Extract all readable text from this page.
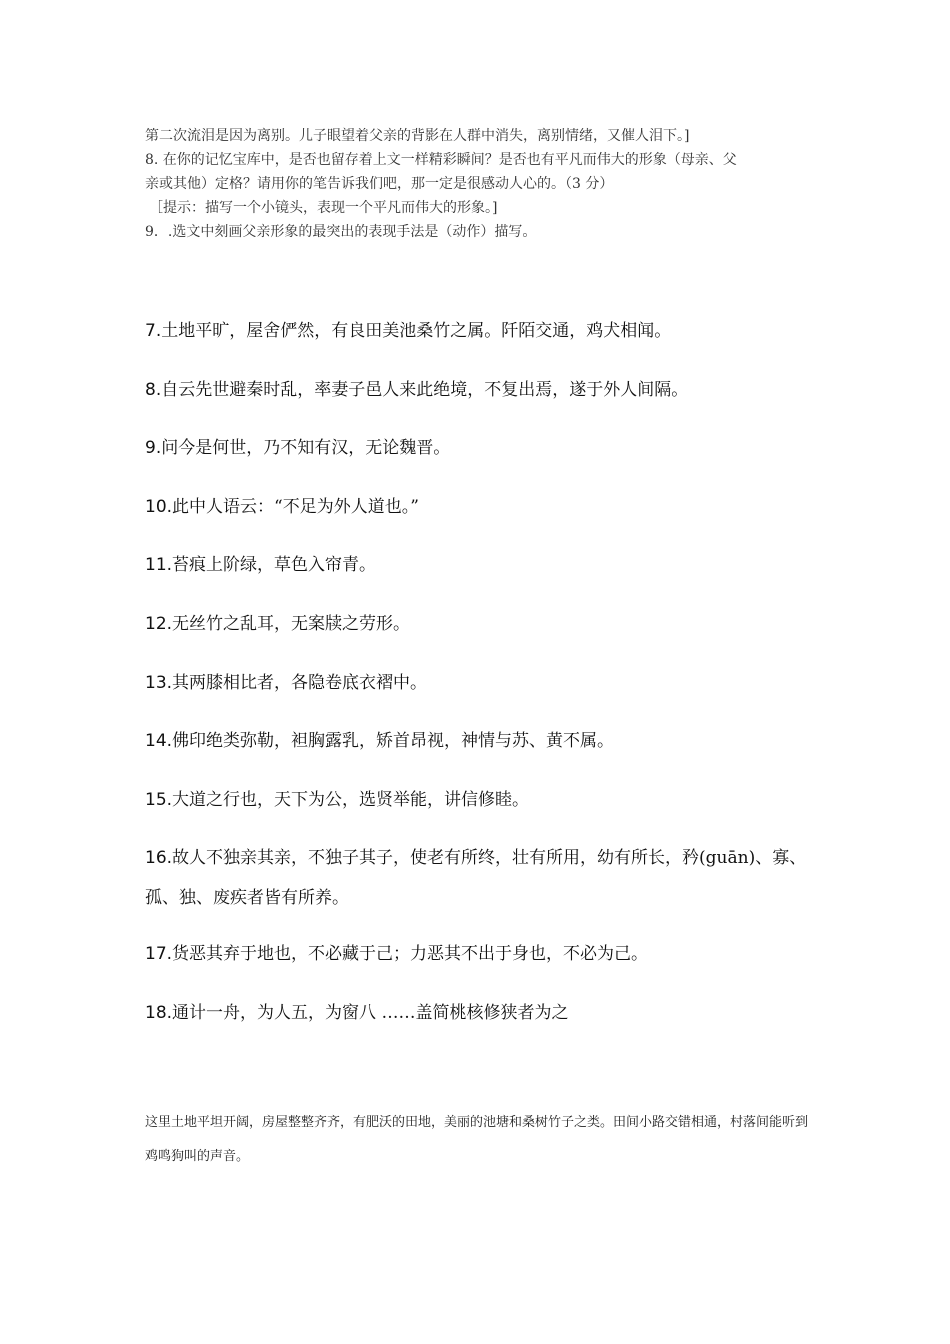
第二次流泪是因为离别。儿子眼望着父亲的背影在人群中消失，离别情绪，又催人泪下。]
8. 在你的记忆宝库中，是否也留存着上文一样精彩瞬间？是否也有平凡而伟大的形象（母亲、父
亲或其他）定格？请用你的笔告诉我们吧，那一定是很感动人心的。（3 分）
［提示：描写一个小镜头，表现一个平凡而伟大的形象。]
9．.选文中刻画父亲形象的最突出的表现手法是（动作）描写。
7.土地平旷，屋舍俨然，有良田美池桑竹之属。阡陌交通，鸡犬相闻。
8.自云先世避秦时乱，率妻子邑人来此绝境，不复出焉，遂于外人间隔。
9.问今是何世，乃不知有汉，无论魏晋。
10.此中人语云：“不足为外人道也。”
11.苔痕上阶绿，草色入帘青。
12.无丝竹之乱耳，无案牍之劳形。
13.其两膝相比者，各隐卷底衣褶中。
14.佛印绝类弥勒，袒胸露乳，矫首昂视，神情与苏、黄不属。
15.大道之行也，天下为公，选贤举能，讲信修睦。
16.故人不独亲其亲，不独子其子，使老有所终，壮有所用，幼有所长，矜(guān)、寡、孤、独、废疾者皆有所养。
17.货恶其弃于地也，不必藏于己；力恶其不出于身也，不必为己。
18.通计一舟，为人五，为窗八 ……盖简桃核修狭者为之
这里土地平坦开阔，房屋整整齐齐，有肥沃的田地，美丽的池塘和桑树竹子之类。田间小路交错相通，村落间能听到鸡鸣狗叫的声音。
